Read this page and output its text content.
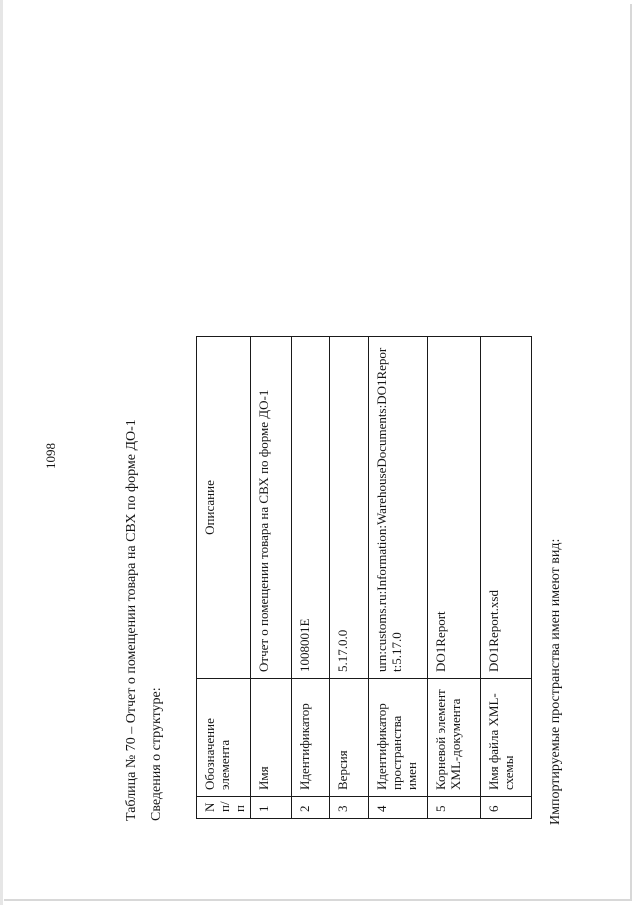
1098	Таблица № 70 – Отчет о помещении товара на СВХ по форме ДО-1 Сведения о структуре:	N п/п	Обозначение элемента	Описание
1	Имя	Отчет о помещении товара на СВХ по форме ДО-1
2	Идентификатор	1008001E
3	Версия	5.17.0.0
4	Идентификатор пространства имен	urn:customs.ru:Information:WarehouseDocuments:DO1Report:5.17.0
5	Корневой элемент XML-документа	DO1Report
6	Имя файла XML-схемы	DO1Report.xsd	Импортируемые пространства имен имеют вид:
